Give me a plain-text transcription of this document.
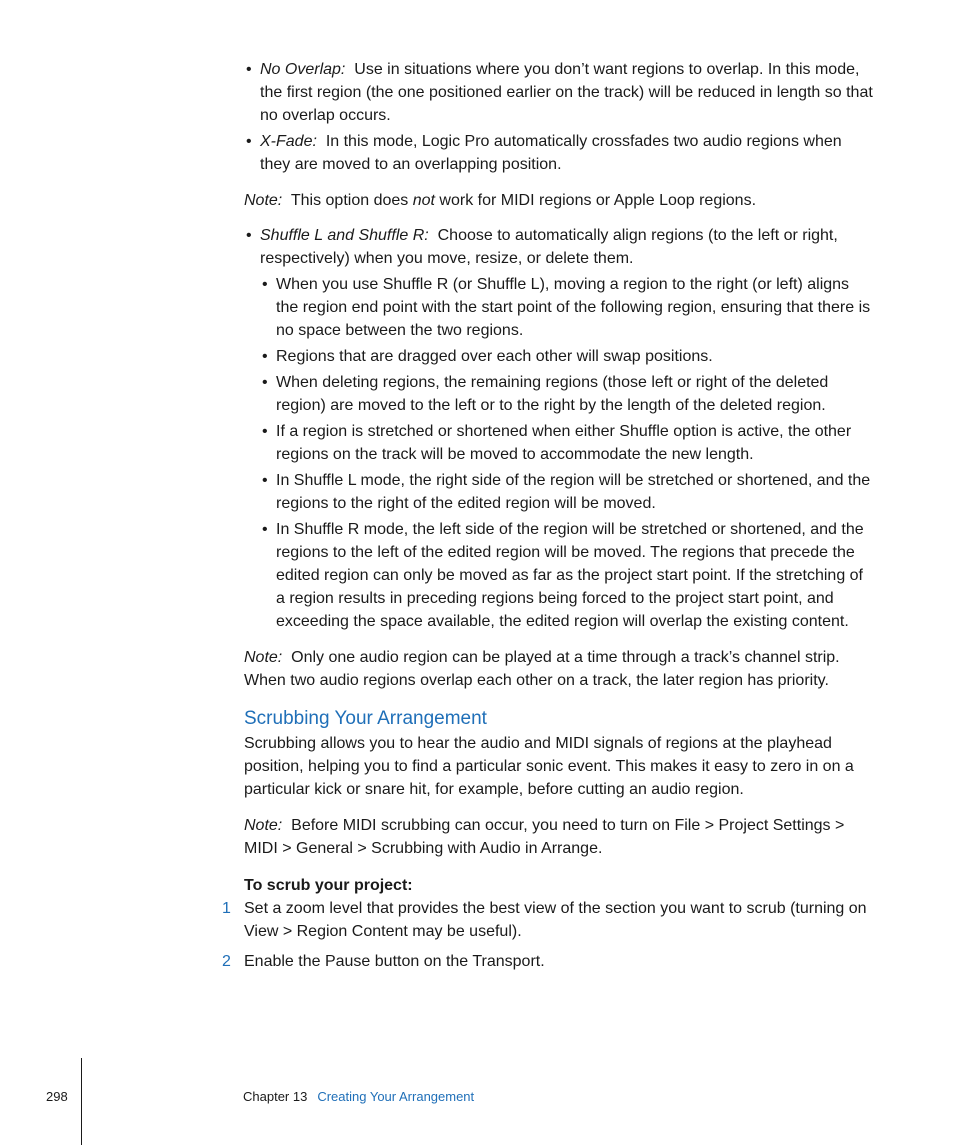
• No Overlap: Use in situations where you don’t want regions to overlap. In this mode, the first region (the one positioned earlier on the track) will be reduced in length so that no overlap occurs.
• X-Fade: In this mode, Logic Pro automatically crossfades two audio regions when they are moved to an overlapping position.

Note: This option does not work for MIDI regions or Apple Loop regions.

• Shuffle L and Shuffle R: Choose to automatically align regions (to the left or right, respectively) when you move, resize, or delete them.
• When you use Shuffle R (or Shuffle L), moving a region to the right (or left) aligns the region end point with the start point of the following region, ensuring that there is no space between the two regions.
• Regions that are dragged over each other will swap positions.
• When deleting regions, the remaining regions (those left or right of the deleted region) are moved to the left or to the right by the length of the deleted region.
• If a region is stretched or shortened when either Shuffle option is active, the other regions on the track will be moved to accommodate the new length.
• In Shuffle L mode, the right side of the region will be stretched or shortened, and the regions to the right of the edited region will be moved.
• In Shuffle R mode, the left side of the region will be stretched or shortened, and the regions to the left of the edited region will be moved. The regions that precede the edited region can only be moved as far as the project start point. If the stretching of a region results in preceding regions being forced to the project start point, and exceeding the space available, the edited region will overlap the existing content.

Note: Only one audio region can be played at a time through a track’s channel strip. When two audio regions overlap each other on a track, the later region has priority.

Scrubbing Your Arrangement

Scrubbing allows you to hear the audio and MIDI signals of regions at the playhead position, helping you to find a particular sonic event. This makes it easy to zero in on a particular kick or snare hit, for example, before cutting an audio region.

Note: Before MIDI scrubbing can occur, you need to turn on File > Project Settings > MIDI > General > Scrubbing with Audio in Arrange.

To scrub your project:

1 Set a zoom level that provides the best view of the section you want to scrub (turning on View > Region Content may be useful).
2 Enable the Pause button on the Transport.
298	Chapter 13 Creating Your Arrangement
